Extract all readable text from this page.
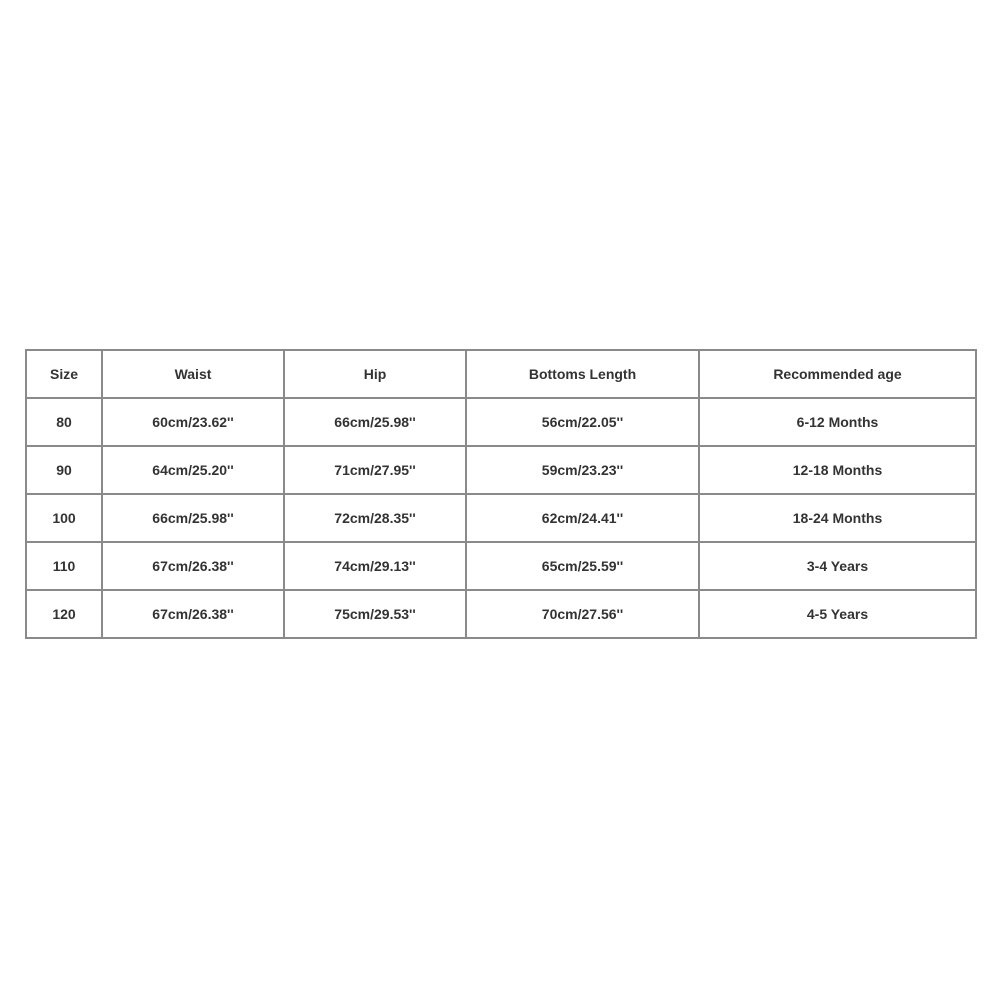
Size	Waist	Hip	Bottoms Length	Recommended age
80	60cm/23.62''	66cm/25.98''	56cm/22.05''	6-12 Months
90	64cm/25.20''	71cm/27.95''	59cm/23.23''	12-18 Months
100	66cm/25.98''	72cm/28.35''	62cm/24.41''	18-24 Months
110	67cm/26.38''	74cm/29.13''	65cm/25.59''	3-4 Years
120	67cm/26.38''	75cm/29.53''	70cm/27.56''	4-5 Years
